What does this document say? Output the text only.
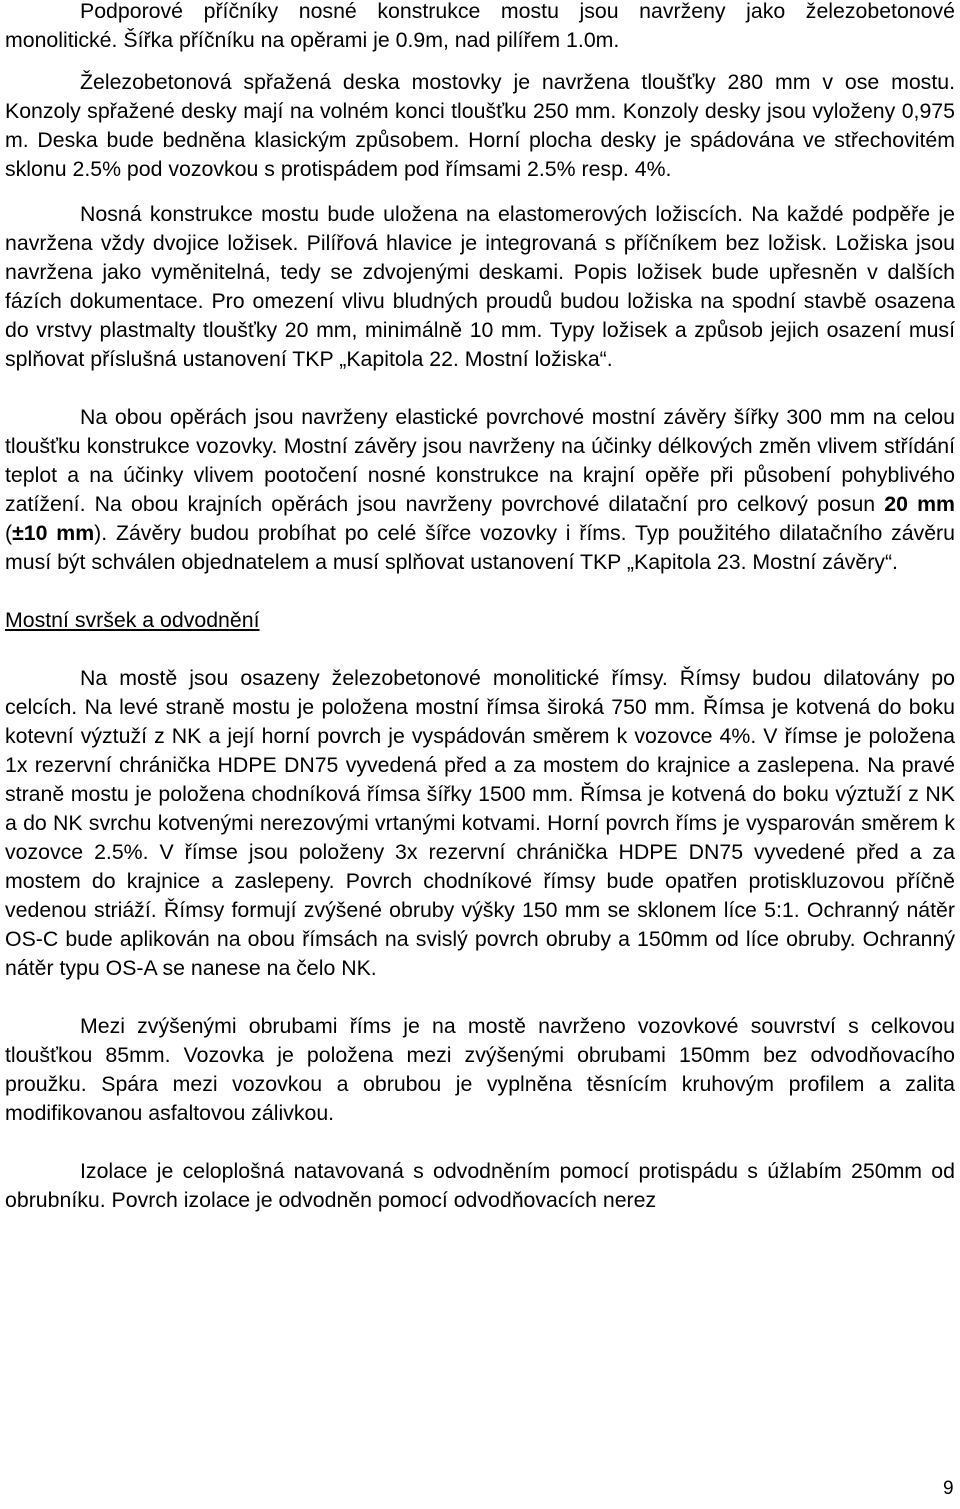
Podporové příčníky nosné konstrukce mostu jsou navrženy jako železobetonové monolitické. Šířka příčníku na opěrami je 0.9m, nad pilířem 1.0m.

Železobetonová spřažená deska mostovky je navržena tloušťky 280 mm v ose mostu. Konzoly spřažené desky mají na volném konci tloušťku 250 mm. Konzoly desky jsou vyloženy 0,975 m. Deska bude bedněna klasickým způsobem. Horní plocha desky je spádována ve střechovitém sklonu 2.5% pod vozovkou s protispádem pod římsami 2.5% resp. 4%.

Nosná konstrukce mostu bude uložena na elastomerových ložiscích. Na každé podpěře je navržena vždy dvojice ložisek. Pilířová hlavice je integrovaná s příčníkem bez ložisk. Ložiska jsou navržena jako vyměnitelná, tedy se zdvojenými deskami. Popis ložisek bude upřesněn v dalších fázích dokumentace. Pro omezení vlivu bludných proudů budou ložiska na spodní stavbě osazena do vrstvy plastmalty tloušťky 20 mm, minimálně 10 mm. Typy ložisek a způsob jejich osazení musí splňovat příslušná ustanovení TKP „Kapitola 22. Mostní ložiska“.

Na obou opěrách jsou navrženy elastické povrchové mostní závěry šířky 300 mm na celou tloušťku konstrukce vozovky. Mostní závěry jsou navrženy na účinky délkových změn vlivem střídání teplot a na účinky vlivem pootočení nosné konstrukce na krajní opěře při působení pohyblivého zatížení. Na obou krajních opěrách jsou navrženy povrchové dilatační pro celkový posun 20 mm (±10 mm). Závěry budou probíhat po celé šířce vozovky i říms. Typ použitého dilatačního závěru musí být schválen objednatelem a musí splňovat ustanovení TKP „Kapitola 23. Mostní závěry“.

Mostní svršek a odvodnění

Na mostě jsou osazeny železobetonové monolitické římsy. Římsy budou dilatovány po celcích. Na levé straně mostu je položena mostní římsa široká 750 mm. Římsa je kotvená do boku kotevní výztuží z NK a její horní povrch je vyspádován směrem k vozovce 4%. V římse je položena 1x rezervní chránička HDPE DN75 vyvedená před a za mostem do krajnice a zaslepena. Na pravé straně mostu je položena chodníková římsa šířky 1500 mm. Římsa je kotvená do boku výztuží z NK a do NK svrchu kotvenými nerezovými vrtanými kotvami. Horní povrch říms je vysparován směrem k vozovce 2.5%. V římse jsou položeny 3x rezervní chránička HDPE DN75 vyvedené před a za mostem do krajnice a zaslepeny. Povrch chodníkové římsy bude opatřen protiskluzovou příčně vedenou striáží. Římsy formují zvýšené obruby výšky 150 mm se sklonem líce 5:1. Ochranný nátěr OS-C bude aplikován na obou římsách na svislý povrch obruby a 150mm od líce obruby. Ochranný nátěr typu OS-A se nanese na čelo NK.

Mezi zvýšenými obrubami říms je na mostě navrženo vozovkové souvrství s celkovou tloušťkou 85mm. Vozovka je položena mezi zvýšenými obrubami 150mm bez odvodňovacího proužku. Spára mezi vozovkou a obrubou je vyplněna těsnícím kruhovým profilem a zalita modifikovanou asfaltovou zálivkou.

Izolace je celoplošná natavovaná s odvodněním pomocí protispádu s úžlabím 250mm od obrubníku. Povrch izolace je odvodněn pomocí odvodňovacích nerez

9
